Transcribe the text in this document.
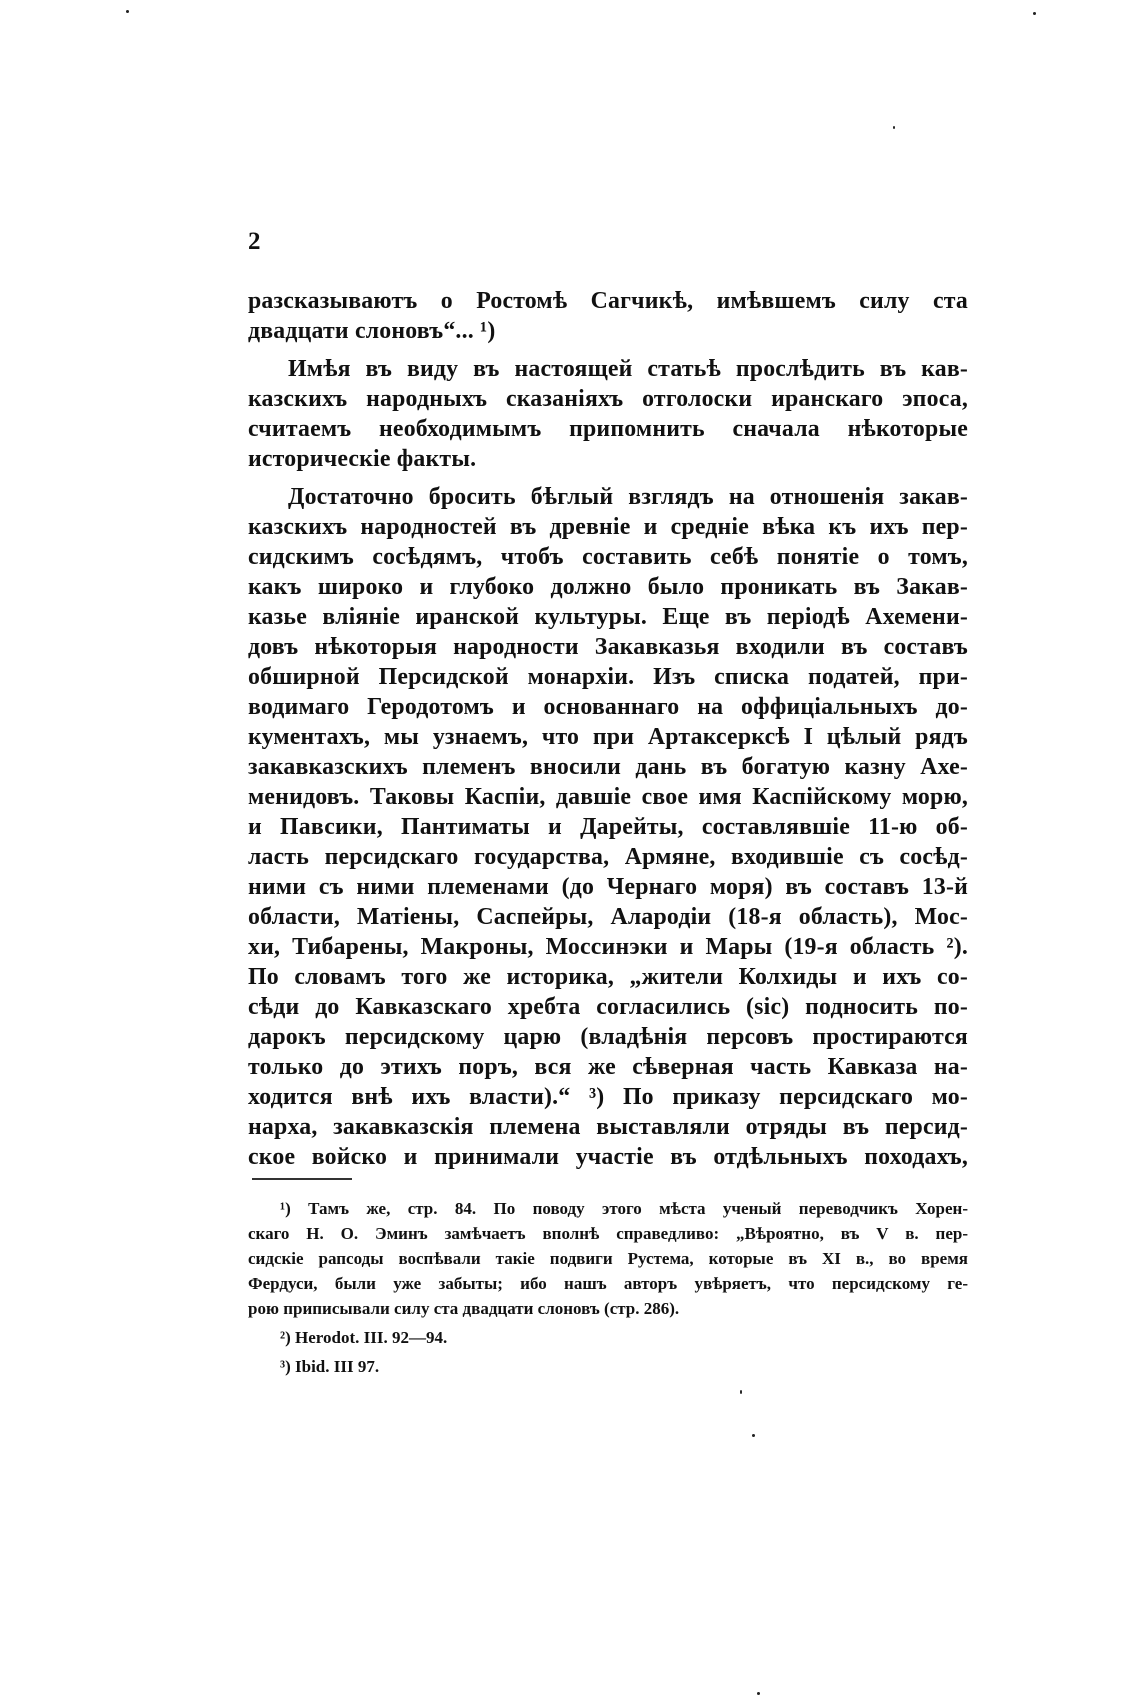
2
разсказываютъ о Ростомѣ Сагчикѣ, имѣвшемъ силу ста
двадцати слоновъ“... ¹)
Имѣя въ виду въ настоящей статьѣ прослѣдить въ кав-
казскихъ народныхъ сказаніяхъ отголоски иранскаго эпоса,
считаемъ необходимымъ припомнить сначала нѣкоторые
историческіе факты.
Достаточно бросить бѣглый взглядъ на отношенія закав-
казскихъ народностей въ древніе и средніе вѣка къ ихъ пер-
сидскимъ сосѣдямъ, чтобъ составить себѣ понятіе о томъ,
какъ широко и глубоко должно было проникать въ Закав-
казье вліяніе иранской культуры. Еще въ періодѣ Ахемени-
довъ нѣкоторыя народности Закавказья входили въ составъ
обширной Персидской монархіи. Изъ списка податей, при-
водимаго Геродотомъ и основаннаго на оффиціальныхъ до-
кументахъ, мы узнаемъ, что при Артаксерксѣ I цѣлый рядъ
закавказскихъ племенъ вносили дань въ богатую казну Ахе-
менидовъ. Таковы Каспіи, давшіе свое имя Каспійскому морю,
и Павсики, Пантиматы и Дарейты, составлявшіе 11-ю об-
ласть персидскаго государства, Армяне, входившіе съ сосѣд-
ними съ ними племенами (до Чернаго моря) въ составъ 13-й
области, Матіены, Саспейры, Алародіи (18-я область), Мос-
хи, Тибарены, Макроны, Моссинэки и Мары (19-я область ²).
По словамъ того же историка, „жители Колхиды и ихъ со-
сѣди до Кавказскаго хребта согласились (sic) подносить по-
дарокъ персидскому царю (владѣнія персовъ простираются
только до этихъ поръ, вся же сѣверная часть Кавказа на-
ходится внѣ ихъ власти).“ ³) По приказу персидскаго мо-
нарха, закавказскія племена выставляли отряды въ персид-
ское войско и принимали участіе въ отдѣльныхъ походахъ,
¹) Тамъ же, стр. 84. По поводу этого мѣста ученый переводчикъ Хорен-
скаго Н. О. Эминъ замѣчаетъ вполнѣ справедливо: „Вѣроятно, въ V в. пер-
сидскіе рапсоды воспѣвали такіе подвиги Рустема, которые въ XI в., во время
Фердуси, были уже забыты; ибо нашъ авторъ увѣряетъ, что персидскому ге-
рою приписывали силу ста двадцати слоновъ (стр. 286).
²) Herodot. III. 92—94.
³) Ibid. III 97.
